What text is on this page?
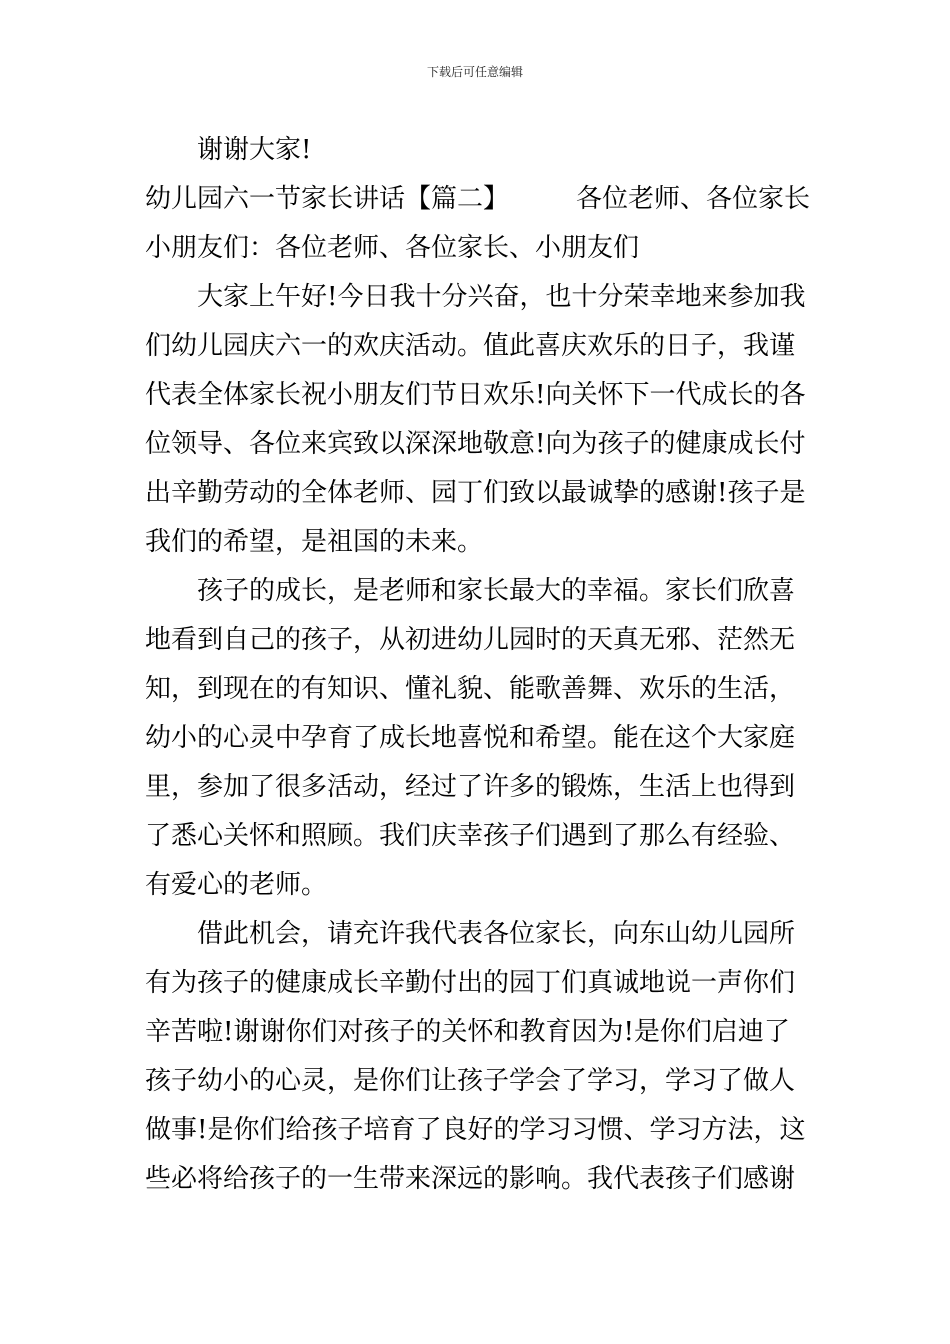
下载后可任意编辑
谢谢大家!
幼儿园六一节家长讲话【篇二】	各位老师、各位家长
小朋友们：各位老师、各位家长、小朋友们
大家上午好!今日我十分兴奋，也十分荣幸地来参加我
们幼儿园庆六一的欢庆活动。值此喜庆欢乐的日子，我谨
代表全体家长祝小朋友们节日欢乐!向关怀下一代成长的各
位领导、各位来宾致以深深地敬意!向为孩子的健康成长付
出辛勤劳动的全体老师、园丁们致以最诚挚的感谢!孩子是
我们的希望，是祖国的未来。
孩子的成长，是老师和家长最大的幸福。家长们欣喜
地看到自己的孩子，从初进幼儿园时的天真无邪、茫然无
知，到现在的有知识、懂礼貌、能歌善舞、欢乐的生活，
幼小的心灵中孕育了成长地喜悦和希望。能在这个大家庭
里，参加了很多活动，经过了许多的锻炼，生活上也得到
了悉心关怀和照顾。我们庆幸孩子们遇到了那么有经验、
有爱心的老师。
借此机会，请充许我代表各位家长，向东山幼儿园所
有为孩子的健康成长辛勤付出的园丁们真诚地说一声你们
辛苦啦!谢谢你们对孩子的关怀和教育因为!是你们启迪了
孩子幼小的心灵，是你们让孩子学会了学习，学习了做人
做事!是你们给孩子培育了良好的学习习惯、学习方法，这
些必将给孩子的一生带来深远的影响。我代表孩子们感谢
